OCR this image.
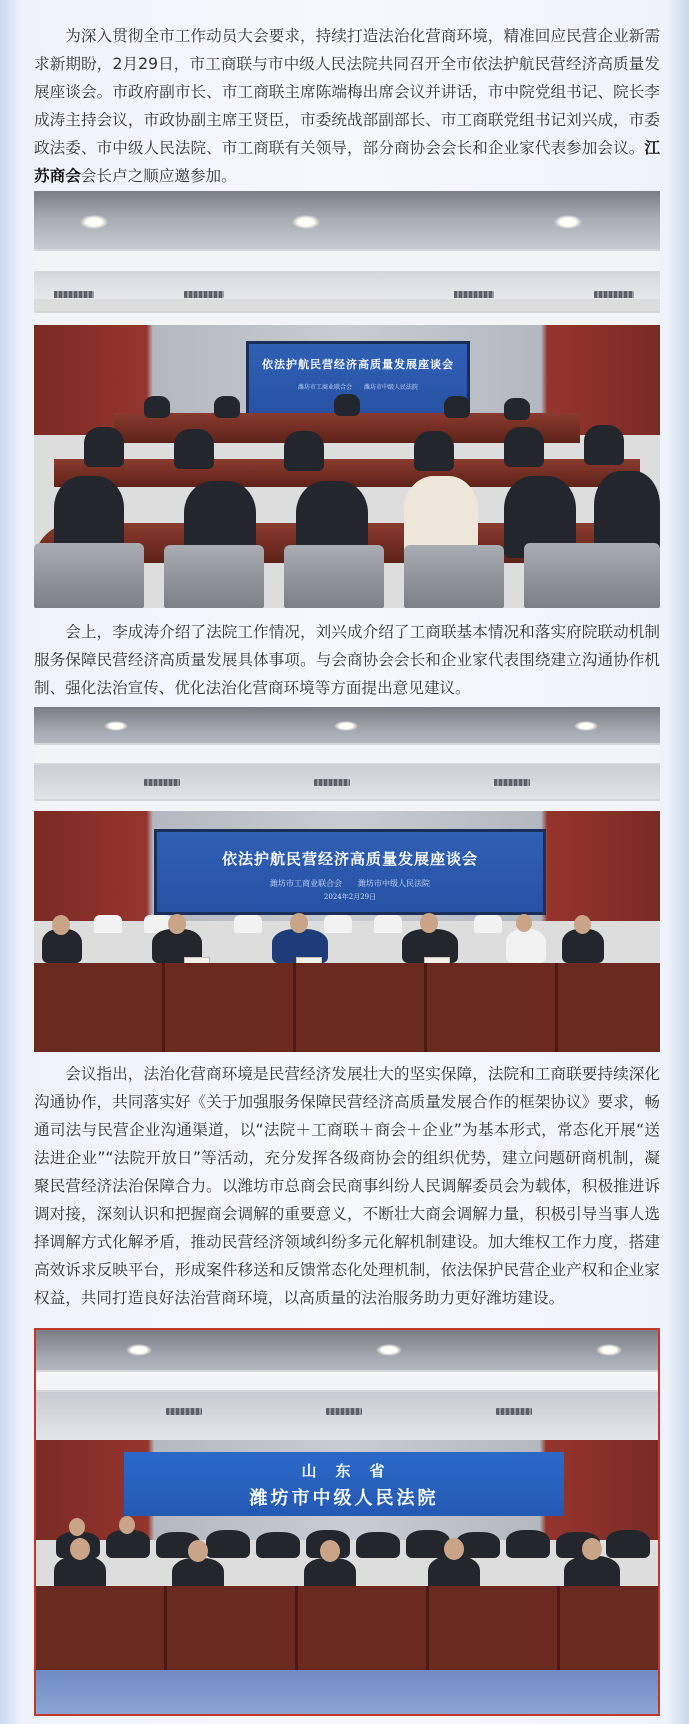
为深入贯彻全市工作动员大会要求，持续打造法治化营商环境，精准回应民营企业新需求新期盼，2月29日，市工商联与市中级人民法院共同召开全市依法护航民营经济高质量发展座谈会。市政府副市长、市工商联主席陈端梅出席会议并讲话，市中院党组书记、院长李成涛主持会议，市政协副主席王贤臣，市委统战部副部长、市工商联党组书记刘兴成，市委政法委、市中级人民法院、市工商联有关领导，部分商协会会长和企业家代表参加会议。江苏商会会长卢之顺应邀参加。

依法护航民营经济高质量发展座谈会
潍坊市工商业联合会　　潍坊市中级人民法院

会上，李成涛介绍了法院工作情况，刘兴成介绍了工商联基本情况和落实府院联动机制服务保障民营经济高质量发展具体事项。与会商协会会长和企业家代表围绕建立沟通协作机制、强化法治宣传、优化法治化营商环境等方面提出意见建议。

依法护航民营经济高质量发展座谈会
潍坊市工商业联合会　　潍坊市中级人民法院
2024年2月29日

会议指出，法治化营商环境是民营经济发展壮大的坚实保障，法院和工商联要持续深化沟通协作，共同落实好《关于加强服务保障民营经济高质量发展合作的框架协议》要求，畅通司法与民营企业沟通渠道，以“法院＋工商联＋商会＋企业”为基本形式，常态化开展“送法进企业”“法院开放日”等活动，充分发挥各级商协会的组织优势，建立问题研商机制，凝聚民营经济法治保障合力。以潍坊市总商会民商事纠纷人民调解委员会为载体，积极推进诉调对接，深刻认识和把握商会调解的重要意义，不断壮大商会调解力量，积极引导当事人选择调解方式化解矛盾，推动民营经济领域纠纷多元化解机制建设。加大维权工作力度，搭建高效诉求反映平台，形成案件移送和反馈常态化处理机制，依法保护民营企业产权和企业家权益，共同打造良好法治营商环境，以高质量的法治服务助力更好潍坊建设。

山　东　省
潍坊市中级人民法院
